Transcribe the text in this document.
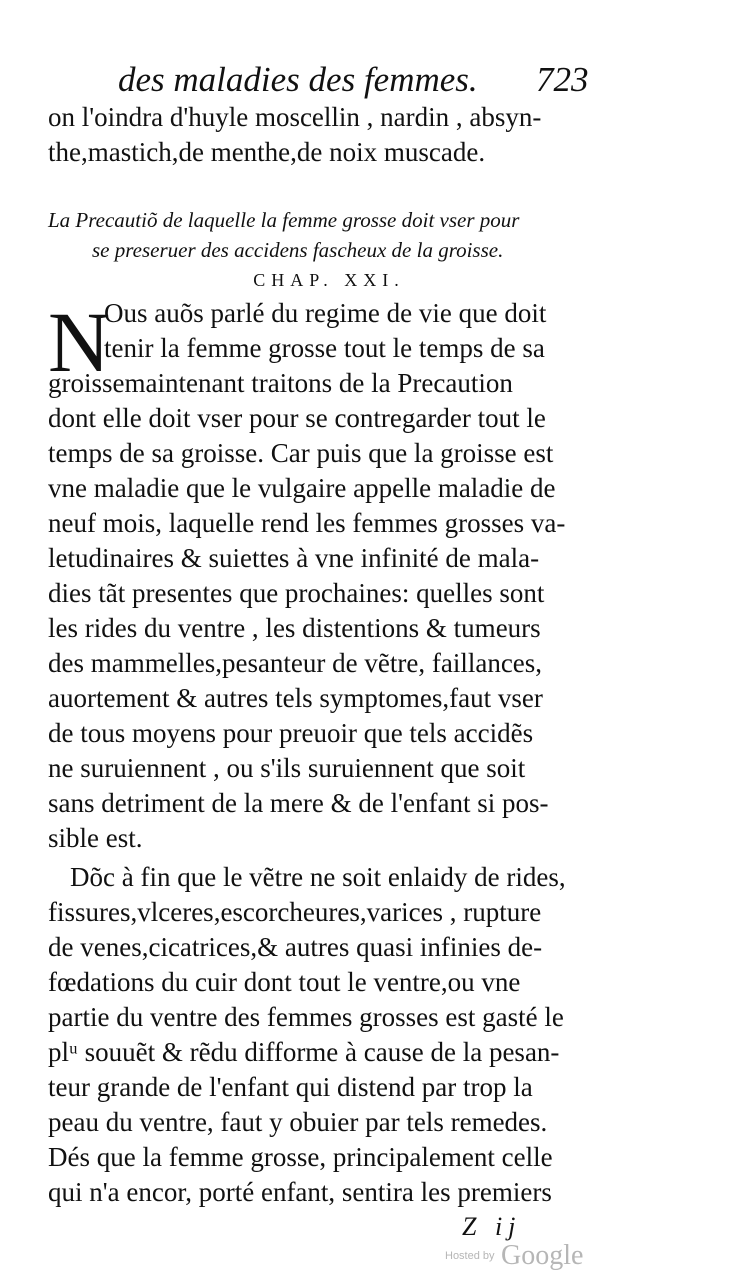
des maladies des femmes. 723
on l'oindra d'huyle moscellin , nardin , absyn-
the,mastich,de menthe,de noix muscade.
La Precautiõ de laquelle la femme grosse doit vser pour
se preseruer des accidens fascheux de la groisse.
CHAP. XXI.
N
Ous auõs parlé du regime de vie que doit
tenir la femme grosse tout le temps de sa
groissemaintenant traitons de la Precaution
dont elle doit vser pour se contregarder tout le
temps de sa groisse. Car puis que la groisse est
vne maladie que le vulgaire appelle maladie de
neuf mois, laquelle rend les femmes grosses va-
letudinaires & suiettes à vne infinité de mala-
dies tãt presentes que prochaines: quelles sont
les rides du ventre , les distentions & tumeurs
des mammelles,pesanteur de vẽtre, faillances,
auortement & autres tels symptomes,faut vser
de tous moyens pour preuoir que tels accidẽs
ne suruiennent , ou s'ils suruiennent que soit
sans detriment de la mere & de l'enfant si pos-
sible est.
Dõc à fin que le vẽtre ne soit enlaidy de rides,
fissures,vlceres,escorcheures,varices , rupture
de venes,cicatrices,& autres quasi infinies de-
fœdations du cuir dont tout le ventre,ou vne
partie du ventre des femmes grosses est gasté le
plᵘ souuẽt & rẽdu difforme à cause de la pesan-
teur grande de l'enfant qui distend par trop la
peau du ventre, faut y obuier par tels remedes.
Dés que la femme grosse, principalement celle
qui n'a encor, porté enfant, sentira les premiers
Z ij
Hosted by Google
